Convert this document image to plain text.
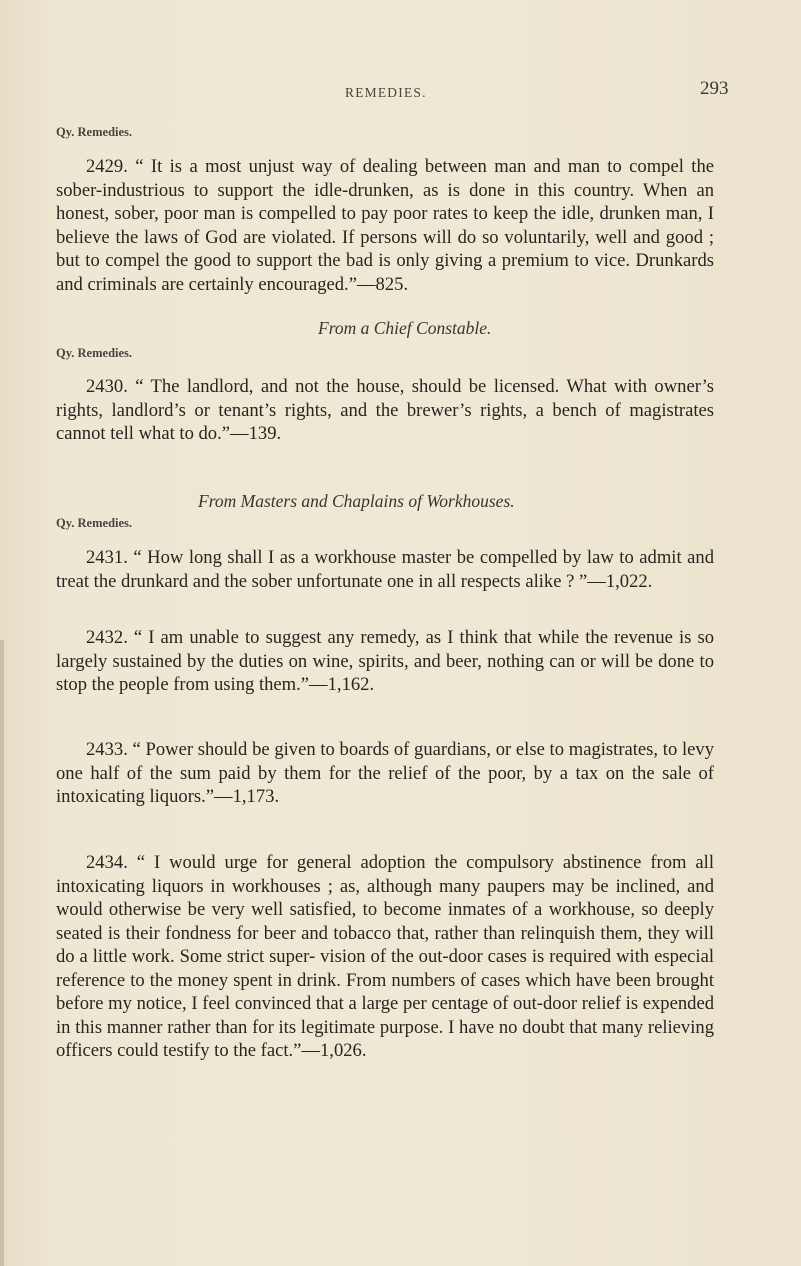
REMEDIES.	293
Qy. Remedies.

2429. “ It is a most unjust way of dealing between man and man to compel the sober-industrious to support the idle-drunken, as is done in this country. When an honest, sober, poor man is compelled to pay poor rates to keep the idle, drunken man, I believe the laws of God are violated. If persons will do so voluntarily, well and good ; but to compel the good to support the bad is only giving a premium to vice. Drunkards and criminals are certainly encouraged.”—825.

From a Chief Constable.
Qy. Remedies.

2430. “ The landlord, and not the house, should be licensed. What with owner’s rights, landlord’s or tenant’s rights, and the brewer’s rights, a bench of magistrates cannot tell what to do.”—139.

From Masters and Chaplains of Workhouses.
Qy. Remedies.

2431. “ How long shall I as a workhouse master be compelled by law to admit and treat the drunkard and the sober unfortunate one in all respects alike ? ”—1,022.

2432. “ I am unable to suggest any remedy, as I think that while the revenue is so largely sustained by the duties on wine, spirits, and beer, nothing can or will be done to stop the people from using them.”—1,162.

2433. “ Power should be given to boards of guardians, or else to magistrates, to levy one half of the sum paid by them for the relief of the poor, by a tax on the sale of intoxicating liquors.”—1,173.

2434. “ I would urge for general adoption the compulsory abstinence from all intoxicating liquors in workhouses ; as, although many paupers may be inclined, and would otherwise be very well satisfied, to become inmates of a workhouse, so deeply seated is their fondness for beer and tobacco that, rather than relinquish them, they will do a little work. Some strict super- vision of the out-door cases is required with especial reference to the money spent in drink. From numbers of cases which have been brought before my notice, I feel convinced that a large per centage of out-door relief is expended in this manner rather than for its legitimate purpose. I have no doubt that many relieving officers could testify to the fact.”—1,026.
